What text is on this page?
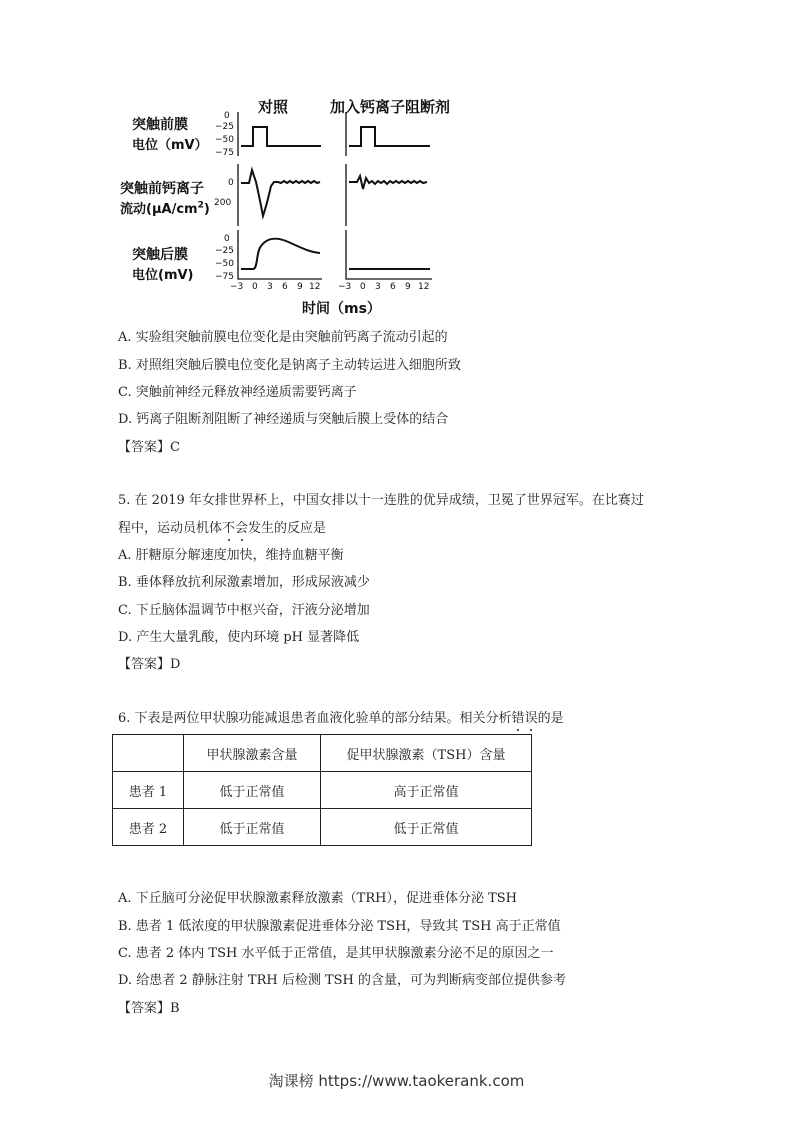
对照	加入钙离子阻断剂
突触前膜
电位（mV）
突触前钙离子
流动$(\mu A/cm^2)$
突触后膜
电位(mV)
0
−25
−50
−75
0
200
0
−25
−50
−75
−3 0 3 6 9 12 −3 0 3 6 9 12
时间（ms）
A. 实验组突触前膜电位变化是由突触前钙离子流动引起的
B. 对照组突触后膜电位变化是钠离子主动转运进入细胞所致
C. 突触前神经元释放神经递质需要钙离子
D. 钙离子阻断剂阻断了神经递质与突触后膜上受体的结合
【答案】C
5. 在 2019 年女排世界杯上，中国女排以十一连胜的优异成绩，卫冕了世界冠军。在比赛过
程中，运动员机体不会发生的反应是
A. 肝糖原分解速度加快，维持血糖平衡
B. 垂体释放抗利尿激素增加，形成尿液减少
C. 下丘脑体温调节中枢兴奋，汗液分泌增加
D. 产生大量乳酸，使内环境 pH 显著降低
【答案】D
6. 下表是两位甲状腺功能减退患者血液化验单的部分结果。相关分析错误的是
	甲状腺激素含量	促甲状腺激素（TSH）含量
患者 1	低于正常值	高于正常值
患者 2	低于正常值	低于正常值
A. 下丘脑可分泌促甲状腺激素释放激素（TRH），促进垂体分泌 TSH
B. 患者 1 低浓度的甲状腺激素促进垂体分泌 TSH，导致其 TSH 高于正常值
C. 患者 2 体内 TSH 水平低于正常值，是其甲状腺激素分泌不足的原因之一
D. 给患者 2 静脉注射 TRH 后检测 TSH 的含量，可为判断病变部位提供参考
【答案】B
淘课榜 https://www.taokerank.com
